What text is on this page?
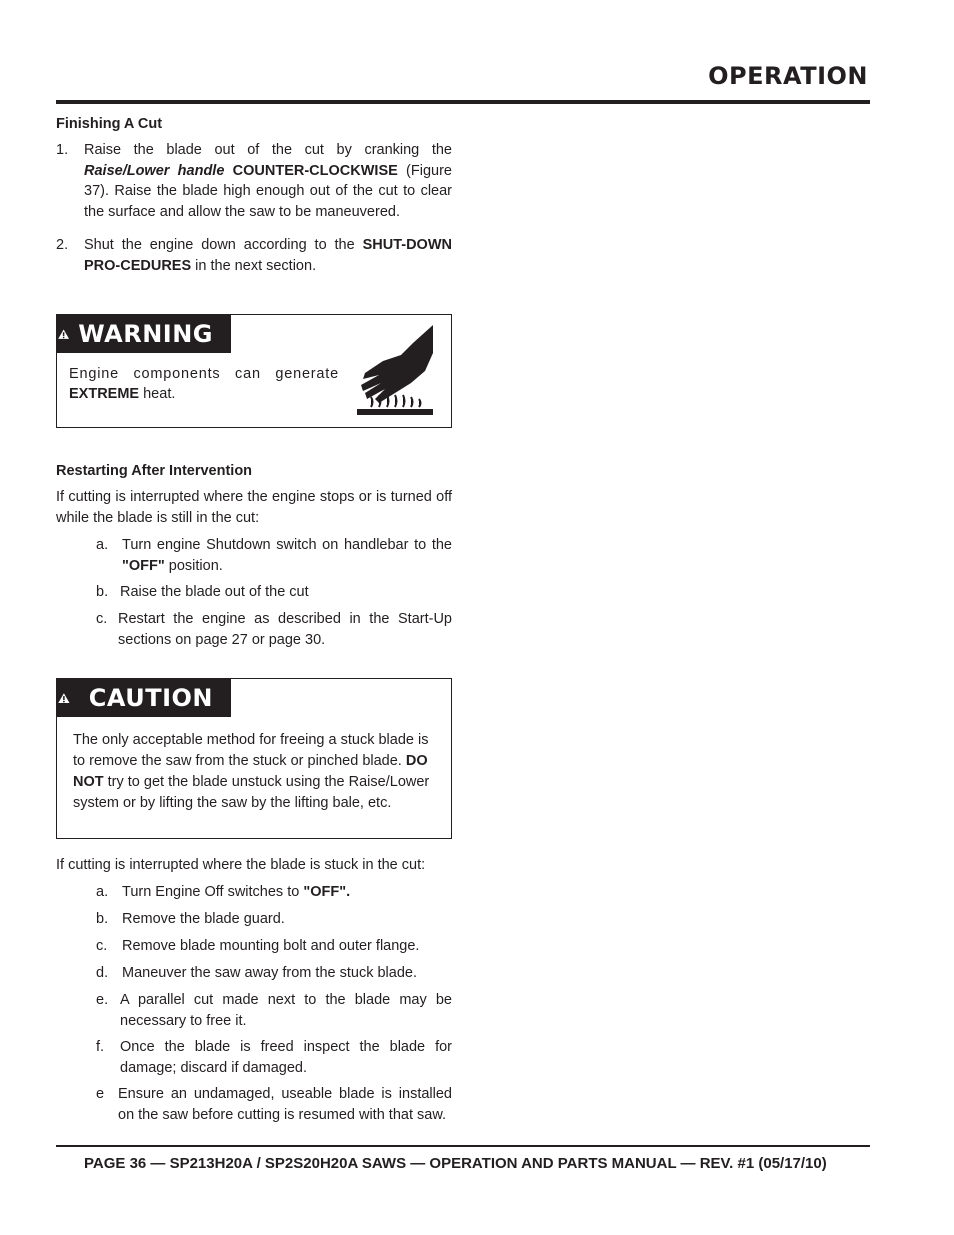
OPERATION
Finishing A Cut
1. Raise the blade out of the cut by cranking the Raise/Lower handle COUNTER-CLOCKWISE (Figure 37). Raise the blade high enough out of the cut to clear the surface and allow the saw to be maneuvered.
2. Shut the engine down according to the SHUT-DOWN PRO-CEDURES in the next section.
WARNING
Engine components can generate EXTREME heat.
Restarting After Intervention
If cutting is interrupted where the engine stops or is turned off while the blade is still in the cut:
a. Turn engine Shutdown switch on handlebar to the "OFF" position.
b. Raise the blade out of the cut
c. Restart the engine as described in the Start-Up sections on page 27 or page 30.
CAUTION
The only acceptable method for freeing a stuck blade is to remove the saw from the stuck or pinched blade. DO NOT try to get the blade unstuck using the Raise/Lower system or by lifting the saw by the lifting bale, etc.
If cutting is interrupted where the blade is stuck in the cut:
a. Turn Engine Off switches to "OFF".
b. Remove the blade guard.
c. Remove blade mounting bolt and outer flange.
d. Maneuver the saw away from the stuck blade.
e. A parallel cut made next to the blade may be necessary to free it.
f. Once the blade is freed inspect the blade for damage; discard if damaged.
e Ensure an undamaged, useable blade is installed on the saw before cutting is resumed with that saw.
PAGE 36 — SP213H20A / SP2S20H20A SAWS — OPERATION AND PARTS MANUAL — REV. #1 (05/17/10)
